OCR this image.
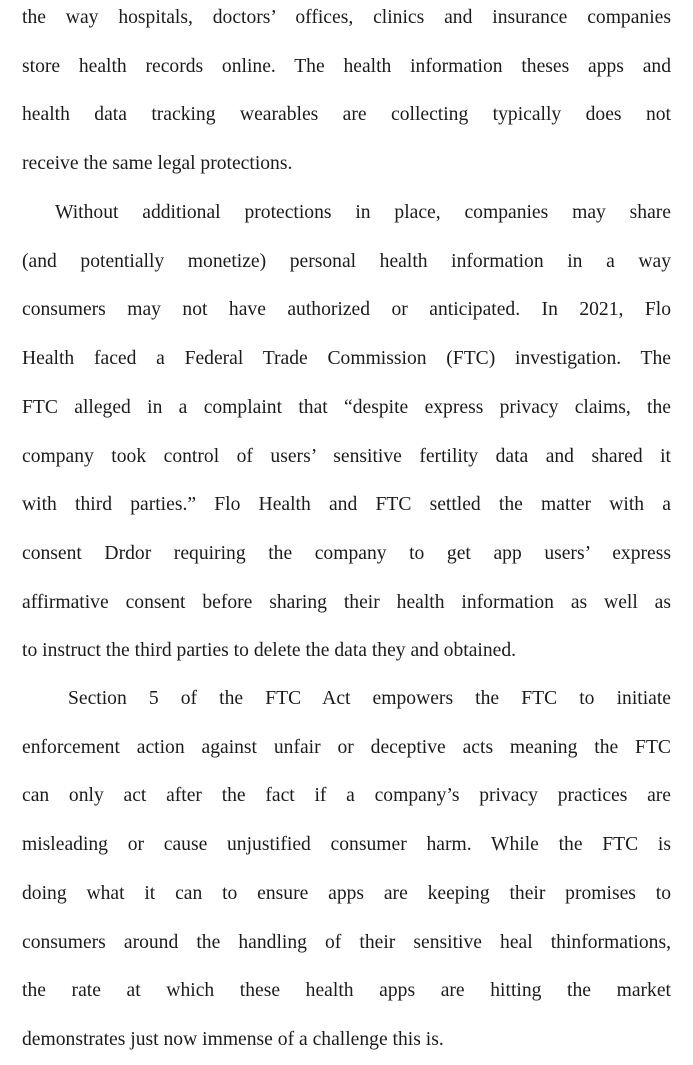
the way hospitals, doctors’ offices, clinics and insurance companies
store health records online. The health information theses apps and
health data tracking wearables are collecting typically does not
receive the same legal protections.
Without additional protections in place, companies may share
(and potentially monetize) personal health information in a way
consumers may not have authorized or anticipated. In 2021, Flo
Health faced a Federal Trade Commission (FTC) investigation. The
FTC alleged in a complaint that “despite express privacy claims, the
company took control of users’ sensitive fertility data and shared it
with third parties.” Flo Health and FTC settled the matter with a
consent Drdor requiring the company to get app users’ express
affirmative consent before sharing their health information as well as
to instruct the third parties to delete the data they and obtained.
Section 5 of the FTC Act empowers the FTC to initiate
enforcement action against unfair or deceptive acts meaning the FTC
can only act after the fact if a company’s privacy practices are
misleading or cause unjustified consumer harm. While the FTC is
doing what it can to ensure apps are keeping their promises to
consumers around the handling of their sensitive heal thinformations,
the rate at which these health apps are hitting the market
demonstrates just now immense of a challenge this is.
